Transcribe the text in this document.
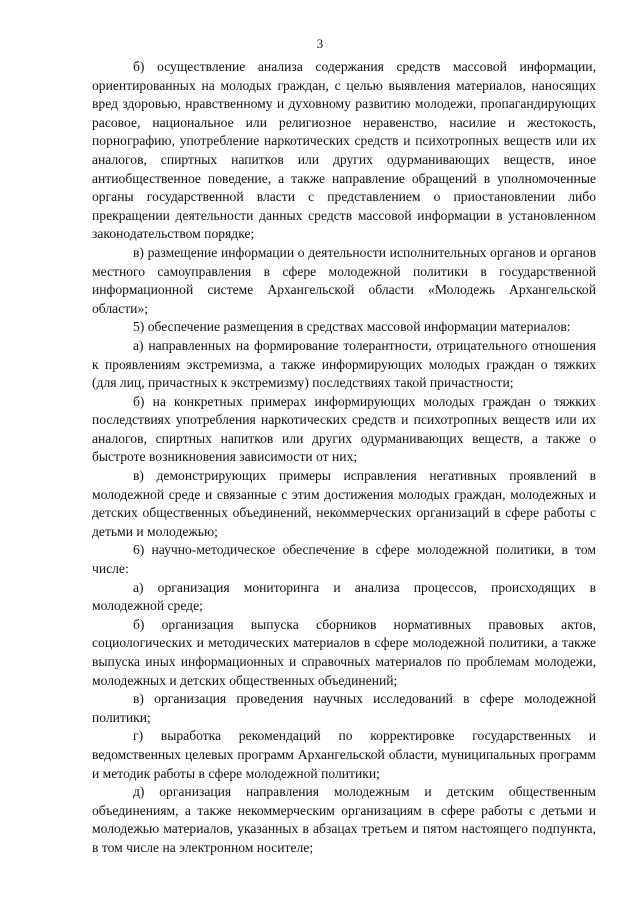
3

б) осуществление анализа содержания средств массовой информации, ориентированных на молодых граждан, с целью выявления материалов, наносящих вред здоровью, нравственному и духовному развитию молодежи, пропагандирующих расовое, национальное или религиозное неравенство, насилие и жестокость, порнографию, употребление наркотических средств и психотропных веществ или их аналогов, спиртных напитков или других одурманивающих веществ, иное антиобщественное поведение, а также направление обращений в уполномоченные органы государственной власти с представлением о приостановлении либо прекращении деятельности данных средств массовой информации в установленном законодательством порядке;

в) размещение информации о деятельности исполнительных органов и органов местного самоуправления в сфере молодежной политики в государственной информационной системе Архангельской области «Молодежь Архангельской области»;

5) обеспечение размещения в средствах массовой информации материалов:

а) направленных на формирование толерантности, отрицательного отношения к проявлениям экстремизма, а также информирующих молодых граждан о тяжких (для лиц, причастных к экстремизму) последствиях такой причастности;

б) на конкретных примерах информирующих молодых граждан о тяжких последствиях употребления наркотических средств и психотропных веществ или их аналогов, спиртных напитков или других одурманивающих веществ, а также о быстроте возникновения зависимости от них;

в) демонстрирующих примеры исправления негативных проявлений в молодежной среде и связанные с этим достижения молодых граждан, молодежных и детских общественных объединений, некоммерческих организаций в сфере работы с детьми и молодежью;

6) научно-методическое обеспечение в сфере молодежной политики, в том числе:

а) организация мониторинга и анализа процессов, происходящих в молодежной среде;

б) организация выпуска сборников нормативных правовых актов, социологических и методических материалов в сфере молодежной политики, а также выпуска иных информационных и справочных материалов по проблемам молодежи, молодежных и детских общественных объединений;

в) организация проведения научных исследований в сфере молодежной политики;

г) выработка рекомендаций по корректировке государственных и ведомственных целевых программ Архангельской области, муниципальных программ и методик работы в сфере молодежной политики;

д) организация направления молодежным и детским общественным объединениям, а также некоммерческим организациям в сфере работы с детьми и молодежью материалов, указанных в абзацах третьем и пятом настоящего подпункта, в том числе на электронном носителе;
